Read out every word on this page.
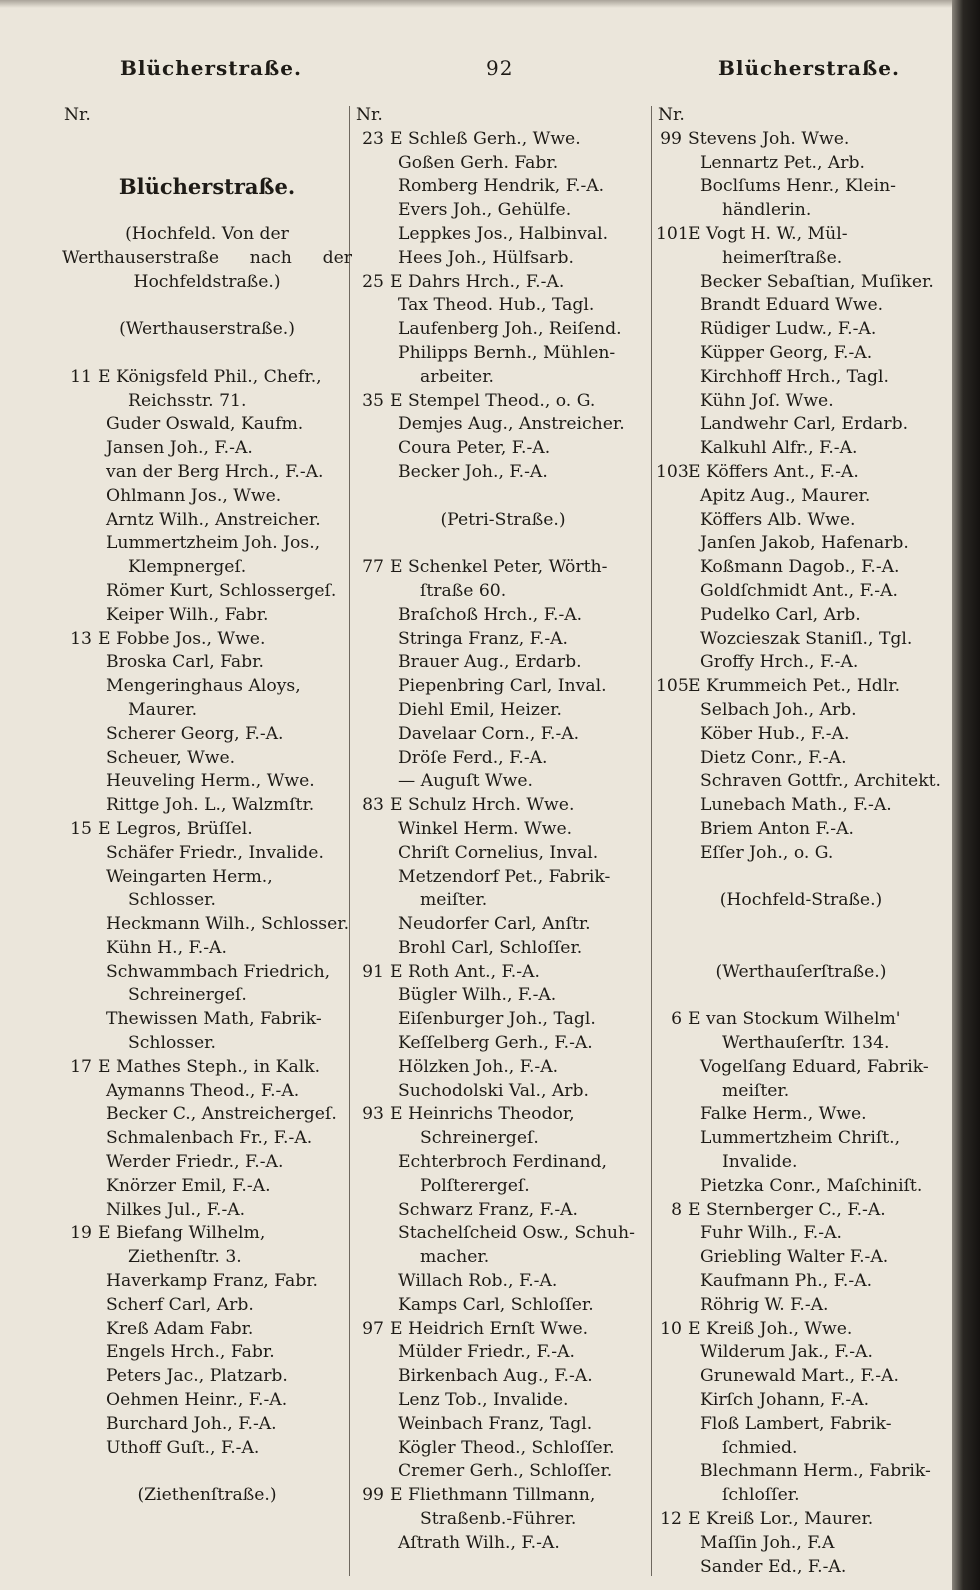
Blücherstraße.	92	Blücherstraße.
Nr.

Blücherstraße.

(Hochfeld. Von der
Werthauserstraße nach der
Hochfeldstraße.)

(Werthauserstraße.)

11 E Königsfeld Phil., Chefr.,
Reichsstr. 71.
Guder Oswald, Kaufm.
Jansen Joh., F.-A.
van der Berg Hrch., F.-A.
Ohlmann Jos., Wwe.
Arntz Wilh., Anstreicher.
Lummertzheim Joh. Jos.,
Klempnergeſ.
Römer Kurt, Schlossergeſ.
Keiper Wilh., Fabr.
13 E Fobbe Jos., Wwe.
Broska Carl, Fabr.
Mengeringhaus Aloys,
Maurer.
Scherer Georg, F.-A.
Scheuer, Wwe.
Heuveling Herm., Wwe.
Rittge Joh. L., Walzmſtr.
15 E Legros, Brüſſel.
Schäfer Friedr., Invalide.
Weingarten Herm.,
Schlosser.
Heckmann Wilh., Schlosser.
Kühn H., F.-A.
Schwammbach Friedrich,
Schreinergeſ.
Thewissen Math, Fabrik-
Schlosser.
17 E Mathes Steph., in Kalk.
Aymanns Theod., F.-A.
Becker C., Anstreichergeſ.
Schmalenbach Fr., F.-A.
Werder Friedr., F.-A.
Knörzer Emil, F.-A.
Nilkes Jul., F.-A.
19 E Biefang Wilhelm,
Ziethenſtr. 3.
Haverkamp Franz, Fabr.
Scherf Carl, Arb.
Kreß Adam Fabr.
Engels Hrch., Fabr.
Peters Jac., Platzarb.
Oehmen Heinr., F.-A.
Burchard Joh., F.-A.
Uthoff Guſt., F.-A.

(Ziethenſtraße.)
Nr.
23 E Schleß Gerh., Wwe.
Goßen Gerh. Fabr.
Romberg Hendrik, F.-A.
Evers Joh., Gehülfe.
Leppkes Jos., Halbinval.
Hees Joh., Hülfsarb.
25 E Dahrs Hrch., F.-A.
Tax Theod. Hub., Tagl.
Laufenberg Joh., Reiſend.
Philipps Bernh., Mühlen-
arbeiter.
35 E Stempel Theod., o. G.
Demjes Aug., Anstreicher.
Coura Peter, F.-A.
Becker Joh., F.-A.

(Petri-Straße.)

77 E Schenkel Peter, Wörth-
ſtraße 60.
Braſchoß Hrch., F.-A.
Stringa Franz, F.-A.
Brauer Aug., Erdarb.
Piepenbring Carl, Inval.
Diehl Emil, Heizer.
Davelaar Corn., F.-A.
Dröſe Ferd., F.-A.
— Auguſt Wwe.
83 E Schulz Hrch. Wwe.
Winkel Herm. Wwe.
Chriſt Cornelius, Inval.
Metzendorf Pet., Fabrik-
meiſter.
Neudorfer Carl, Anſtr.
Brohl Carl, Schloſſer.
91 E Roth Ant., F.-A.
Bügler Wilh., F.-A.
Eiſenburger Joh., Tagl.
Keſſelberg Gerh., F.-A.
Hölzken Joh., F.-A.
Suchodolski Val., Arb.
93 E Heinrichs Theodor,
Schreinergeſ.
Echterbroch Ferdinand,
Polſterergeſ.
Schwarz Franz, F.-A.
Stachelſcheid Osw., Schuh-
macher.
Willach Rob., F.-A.
Kamps Carl, Schloſſer.
97 E Heidrich Ernſt Wwe.
Mülder Friedr., F.-A.
Birkenbach Aug., F.-A.
Lenz Tob., Invalide.
Weinbach Franz, Tagl.
Kögler Theod., Schloſſer.
Cremer Gerh., Schloſſer.
99 E Fliethmann Tillmann,
Straßenb.-Führer.
Aſtrath Wilh., F.-A.
Nr.
99 Stevens Joh. Wwe.
Lennartz Pet., Arb.
Boclſums Henr., Klein-
händlerin.
101E Vogt H. W., Mül-
heimerſtraße.
Becker Sebaſtian, Muſiker.
Brandt Eduard Wwe.
Rüdiger Ludw., F.-A.
Küpper Georg, F.-A.
Kirchhoff Hrch., Tagl.
Kühn Joſ. Wwe.
Landwehr Carl, Erdarb.
Kalkuhl Alfr., F.-A.
103E Köffers Ant., F.-A.
Apitz Aug., Maurer.
Köffers Alb. Wwe.
Janſen Jakob, Hafenarb.
Koßmann Dagob., F.-A.
Goldſchmidt Ant., F.-A.
Pudelko Carl, Arb.
Wozcieszak Staniſl., Tgl.
Groffy Hrch., F.-A.
105E Krummeich Pet., Hdlr.
Selbach Joh., Arb.
Köber Hub., F.-A.
Dietz Conr., F.-A.
Schraven Gottfr., Architekt.
Lunebach Math., F.-A.
Briem Anton F.-A.
Eſſer Joh., o. G.

(Hochfeld-Straße.)

(Werthauſerſtraße.)

6 E van Stockum Wilhelm'
Werthauſerſtr. 134.
Vogelſang Eduard, Fabrik-
meiſter.
Falke Herm., Wwe.
Lummertzheim Chriſt.,
Invalide.
Pietzka Conr., Maſchiniſt.
8 E Sternberger C., F.-A.
Fuhr Wilh., F.-A.
Griebling Walter F.-A.
Kaufmann Ph., F.-A.
Röhrig W. F.-A.
10 E Kreiß Joh., Wwe.
Wilderum Jak., F.-A.
Grunewald Mart., F.-A.
Kirſch Johann, F.-A.
Floß Lambert, Fabrik-
ſchmied.
Blechmann Herm., Fabrik-
ſchloſſer.
12 E Kreiß Lor., Maurer.
Maſſin Joh., F.A
Sander Ed., F.-A.
